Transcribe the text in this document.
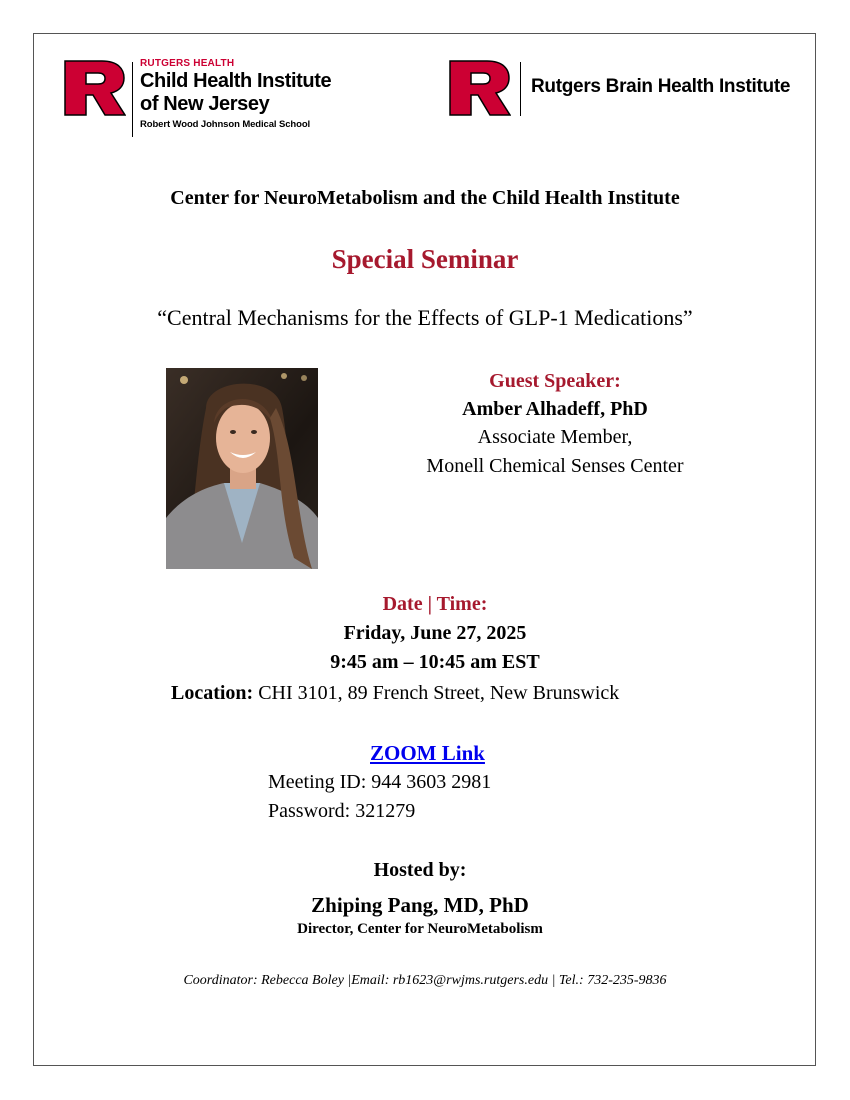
RUTGERS HEALTH
Child Health Institute
of New Jersey
Robert Wood Johnson Medical School
Rutgers Brain Health Institute
Center for NeuroMetabolism and the Child Health Institute
Special Seminar
“Central Mechanisms for the Effects of GLP-1 Medications”
Guest Speaker:
Amber Alhadeff, PhD
Associate Member,
Monell Chemical Senses Center
Date | Time:
Friday, June 27, 2025
9:45 am – 10:45 am EST
Location: CHI 3101, 89 French Street, New Brunswick
ZOOM Link
Meeting ID: 944 3603 2981
Password: 321279
Hosted by:
Zhiping Pang, MD, PhD
Director, Center for NeuroMetabolism
Coordinator: Rebecca Boley |Email: rb1623@rwjms.rutgers.edu | Tel.: 732-235-9836
